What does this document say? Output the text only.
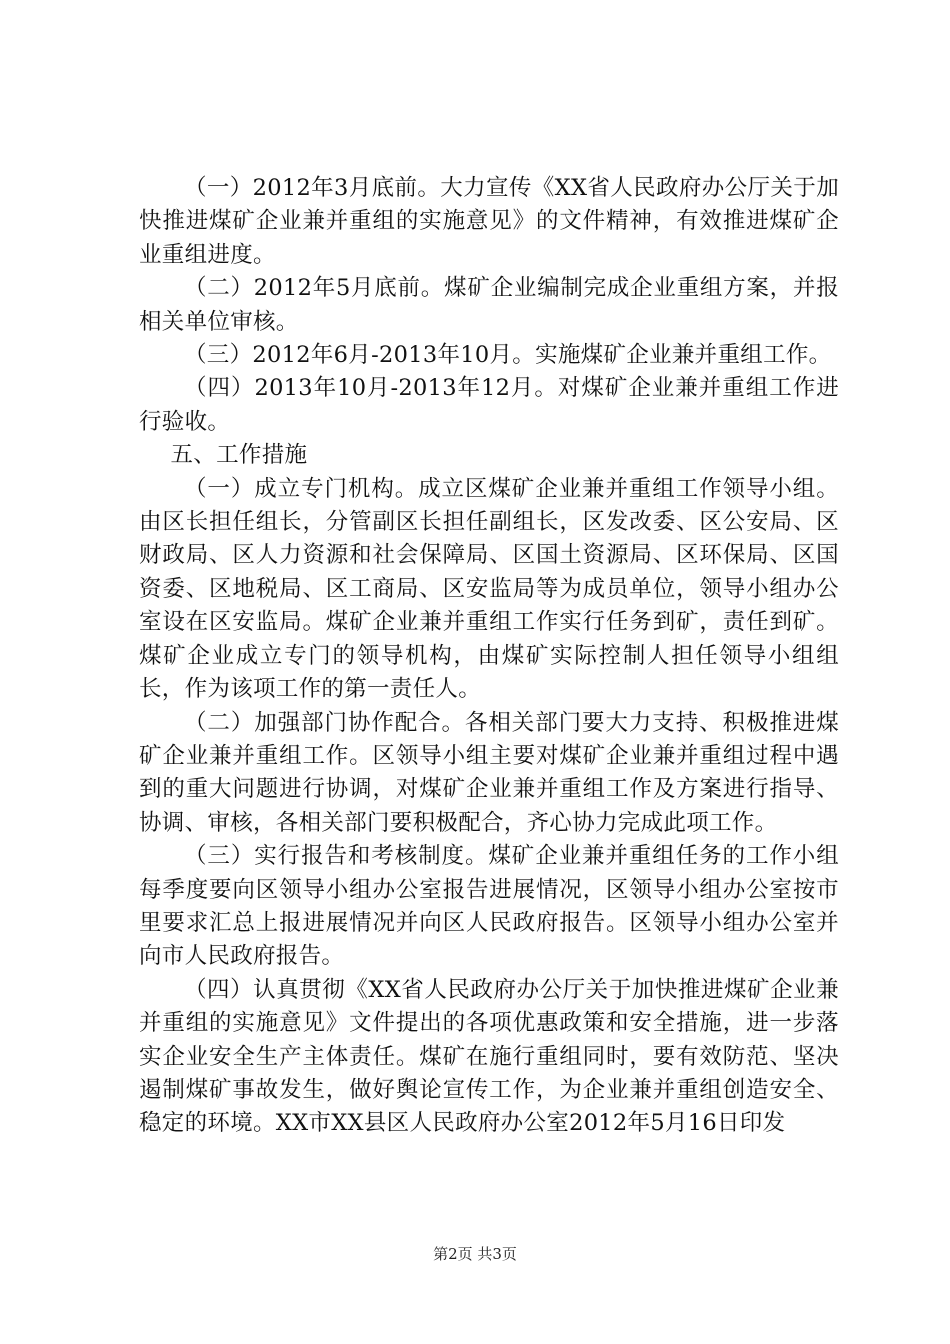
（一）2012年3月底前。大力宣传《XX省人民政府办公厅关于加快推进煤矿企业兼并重组的实施意见》的文件精神，有效推进煤矿企业重组进度。

（二）2012年5月底前。煤矿企业编制完成企业重组方案，并报相关单位审核。

（三）2012年6月-2013年10月。实施煤矿企业兼并重组工作。

（四）2013年10月-2013年12月。对煤矿企业兼并重组工作进行验收。

五、工作措施

（一）成立专门机构。成立区煤矿企业兼并重组工作领导小组。由区长担任组长，分管副区长担任副组长，区发改委、区公安局、区财政局、区人力资源和社会保障局、区国土资源局、区环保局、区国资委、区地税局、区工商局、区安监局等为成员单位，领导小组办公室设在区安监局。煤矿企业兼并重组工作实行任务到矿，责任到矿。煤矿企业成立专门的领导机构，由煤矿实际控制人担任领导小组组长，作为该项工作的第一责任人。

（二）加强部门协作配合。各相关部门要大力支持、积极推进煤矿企业兼并重组工作。区领导小组主要对煤矿企业兼并重组过程中遇到的重大问题进行协调，对煤矿企业兼并重组工作及方案进行指导、协调、审核，各相关部门要积极配合，齐心协力完成此项工作。

（三）实行报告和考核制度。煤矿企业兼并重组任务的工作小组每季度要向区领导小组办公室报告进展情况，区领导小组办公室按市里要求汇总上报进展情况并向区人民政府报告。区领导小组办公室并向市人民政府报告。

（四）认真贯彻《XX省人民政府办公厅关于加快推进煤矿企业兼并重组的实施意见》文件提出的各项优惠政策和安全措施，进一步落实企业安全生产主体责任。煤矿在施行重组同时，要有效防范、坚决遏制煤矿事故发生，做好舆论宣传工作，为企业兼并重组创造安全、稳定的环境。XX市XX县区人民政府办公室2012年5月16日印发

第2页 共3页
